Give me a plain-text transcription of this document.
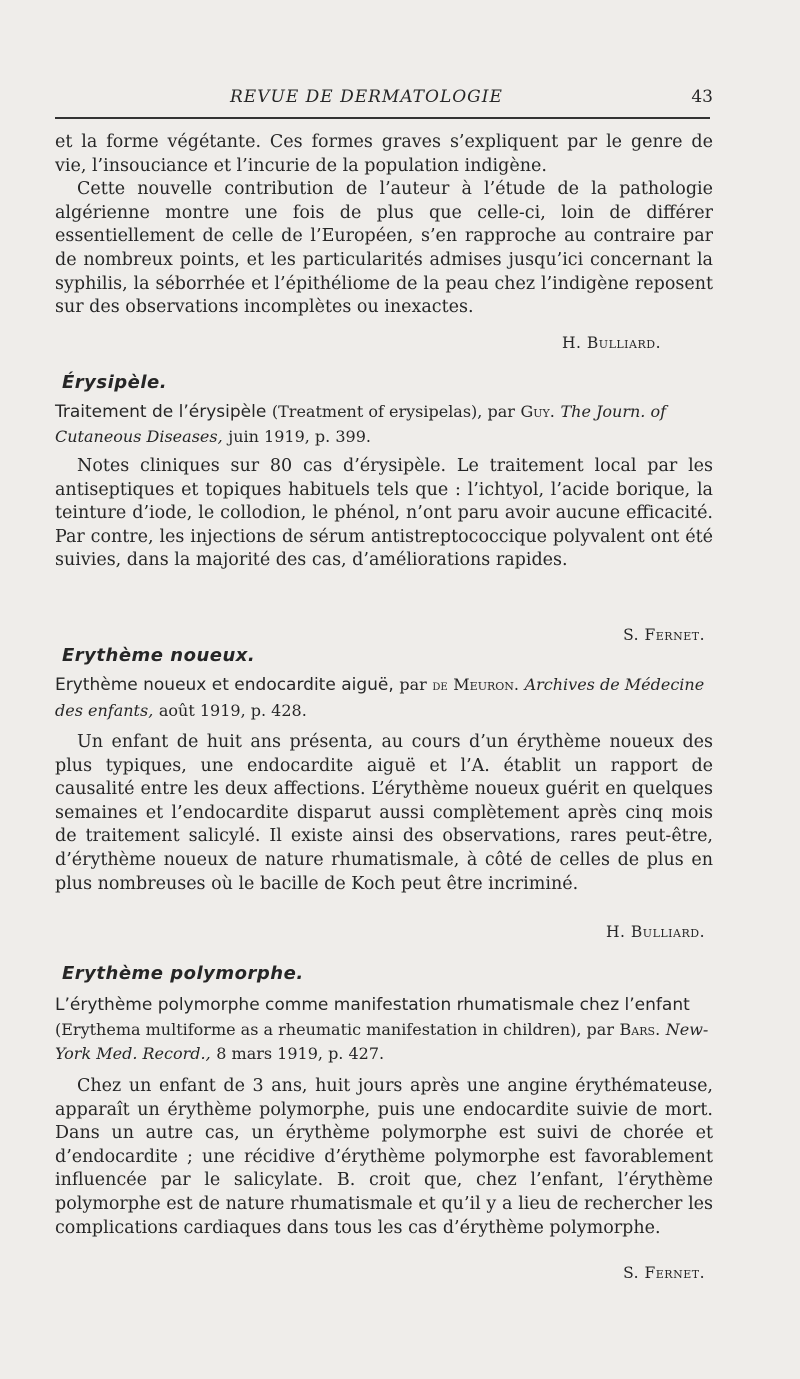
REVUE DE DERMATOLOGIE	43

et la forme végétante. Ces formes graves s’expliquent par le genre de vie, l’insouciance et l’incurie de la population indigène.

Cette nouvelle contribution de l’auteur à l’étude de la pathologie algérienne montre une fois de plus que celle-ci, loin de différer essentiellement de celle de l’Européen, s’en rapproche au contraire par de nombreux points, et les particularités admises jusqu’ici concernant la syphilis, la séborrhée et l’épithéliome de la peau chez l’indigène reposent sur des observations incomplètes ou inexactes.

H. Bulliard.
Érysipèle.

Traitement de l’érysipèle (Treatment of erysipelas), par Guy. The Journ. of Cutaneous Diseases, juin 1919, p. 399.

Notes cliniques sur 80 cas d’érysipèle. Le traitement local par les antiseptiques et topiques habituels tels que : l’ichtyol, l’acide borique, la teinture d’iode, le collodion, le phénol, n’ont paru avoir aucune efficacité. Par contre, les injections de sérum antistreptococcique polyvalent ont été suivies, dans la majorité des cas, d’améliorations rapides.

S. Fernet.
Erythème noueux.

Erythème noueux et endocardite aiguë, par de Meuron. Archives de Médecine des enfants, août 1919, p. 428.

Un enfant de huit ans présenta, au cours d’un érythème noueux des plus typiques, une endocardite aiguë et l’A. établit un rapport de causalité entre les deux affections. L’érythème noueux guérit en quelques semaines et l’endocardite disparut aussi complètement après cinq mois de traitement salicylé. Il existe ainsi des observations, rares peut-être, d’érythème noueux de nature rhumatismale, à côté de celles de plus en plus nombreuses où le bacille de Koch peut être incriminé.

H. Bulliard.
Erythème polymorphe.

L’érythème polymorphe comme manifestation rhumatismale chez l’enfant (Erythema multiforme as a rheumatic manifestation in children), par Bars. New-York Med. Record., 8 mars 1919, p. 427.

Chez un enfant de 3 ans, huit jours après une angine érythémateuse, apparaît un érythème polymorphe, puis une endocardite suivie de mort. Dans un autre cas, un érythème polymorphe est suivi de chorée et d’endocardite ; une récidive d’érythème polymorphe est favorablement influencée par le salicylate. B. croit que, chez l’enfant, l’érythème polymorphe est de nature rhumatismale et qu’il y a lieu de rechercher les complications cardiaques dans tous les cas d’érythème polymorphe.

S. Fernet.
